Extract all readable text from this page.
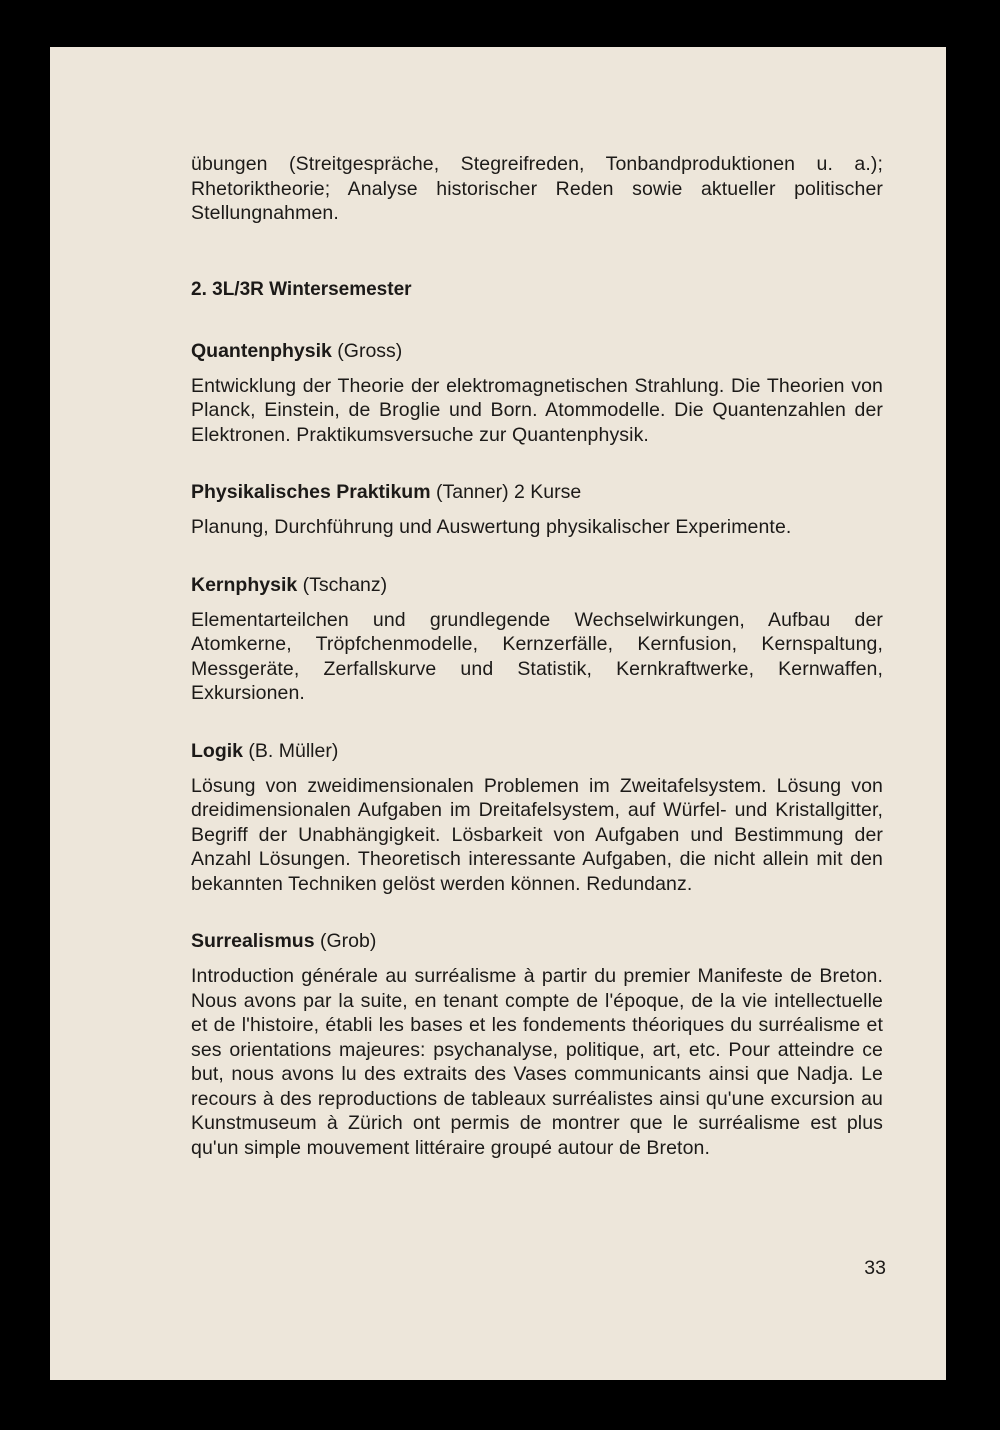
übungen (Streitgespräche, Stegreifreden, Tonbandproduktionen u. a.); Rhetoriktheorie; Analyse historischer Reden sowie aktueller politischer Stellungnahmen.

2. 3L/3R Wintersemester

Quantenphysik (Gross)

Entwicklung der Theorie der elektromagnetischen Strahlung. Die Theorien von Planck, Einstein, de Broglie und Born. Atommodelle. Die Quantenzahlen der Elektronen. Praktikumsversuche zur Quantenphysik.

Physikalisches Praktikum (Tanner) 2 Kurse

Planung, Durchführung und Auswertung physikalischer Experimente.

Kernphysik (Tschanz)

Elementarteilchen und grundlegende Wechselwirkungen, Aufbau der Atomkerne, Tröpfchenmodelle, Kernzerfälle, Kernfusion, Kernspaltung, Messgeräte, Zerfallskurve und Statistik, Kernkraftwerke, Kernwaffen, Exkursionen.

Logik (B. Müller)

Lösung von zweidimensionalen Problemen im Zweitafelsystem. Lösung von dreidimensionalen Aufgaben im Dreitafelsystem, auf Würfel- und Kristallgitter, Begriff der Unabhängigkeit. Lösbarkeit von Aufgaben und Bestimmung der Anzahl Lösungen. Theoretisch interessante Aufgaben, die nicht allein mit den bekannten Techniken gelöst werden können. Redundanz.

Surrealismus (Grob)

Introduction générale au surréalisme à partir du premier Manifeste de Breton. Nous avons par la suite, en tenant compte de l'époque, de la vie intellectuelle et de l'histoire, établi les bases et les fondements théoriques du surréalisme et ses orientations majeures: psychanalyse, politique, art, etc. Pour atteindre ce but, nous avons lu des extraits des Vases communicants ainsi que Nadja. Le recours à des reproductions de tableaux surréalistes ainsi qu'une excursion au Kunstmuseum à Zürich ont permis de montrer que le surréalisme est plus qu'un simple mouvement littéraire groupé autour de Breton.

33
